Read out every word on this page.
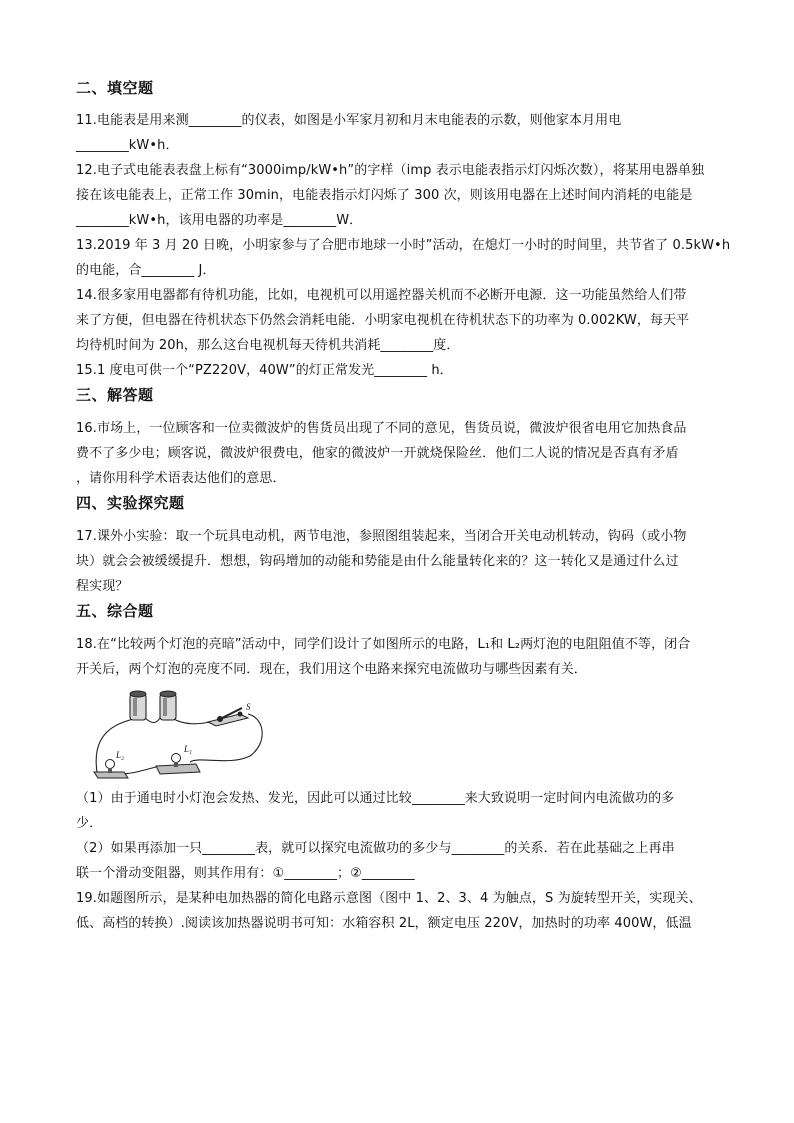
二、填空题
11.电能表是用来测________的仪表，如图是小军家月初和月末电能表的示数，则他家本月用电
________kW•h．
12.电子式电能表表盘上标有“3000imp/kW•h”的字样（imp 表示电能表指示灯闪烁次数），将某用电器单独
接在该电能表上，正常工作 30min，电能表指示灯闪烁了 300 次，则该用电器在上述时间内消耗的电能是
________kW•h，该用电器的功率是________W．
13.2019 年 3 月 20 日晚，小明家参与了合肥市地球一小时”活动，在熄灯一小时的时间里，共节省了 0.5kW•h
的电能，合________ J．
14.很多家用电器都有待机功能，比如，电视机可以用遥控器关机而不必断开电源．这一功能虽然给人们带
来了方便，但电器在待机状态下仍然会消耗电能．小明家电视机在待机状态下的功率为 0.002KW，每天平
均待机时间为 20h，那么这台电视机每天待机共消耗________度．
15.1 度电可供一个“PZ220V，40W”的灯正常发光________ h．
三、解答题
16.市场上，一位顾客和一位卖微波炉的售货员出现了不同的意见，售货员说，微波炉很省电用它加热食品
费不了多少电；顾客说，微波炉很费电，他家的微波炉一开就烧保险丝．他们二人说的情况是否真有矛盾
，请你用科学术语表达他们的意思．
四、实验探究题
17.课外小实验：取一个玩具电动机，两节电池，参照图组装起来，当闭合开关电动机转动，钩码（或小物
块）就会会被缓缓提升．想想，钩码增加的动能和势能是由什么能量转化来的？这一转化又是通过什么过
程实现？
五、综合题
18.在“比较两个灯泡的亮暗”活动中，同学们设计了如图所示的电路，L₁和 L₂两灯泡的电阻阻值不等，闭合
开关后，两个灯泡的亮度不同．现在，我们用这个电路来探究电流做功与哪些因素有关．
S
L₂
L₁
（1）由于通电时小灯泡会发热、发光，因此可以通过比较________来大致说明一定时间内电流做功的多
少．
（2）如果再添加一只________表，就可以探究电流做功的多少与________的关系．若在此基础之上再串
联一个滑动变阻器，则其作用有：①________；②________
19.如题图所示，是某种电加热器的简化电路示意图（图中 1、2、3、4 为触点，S 为旋转型开关，实现关、
低、高档的转换）.阅读该加热器说明书可知：水箱容积 2L，额定电压 220V，加热时的功率 400W，低温
